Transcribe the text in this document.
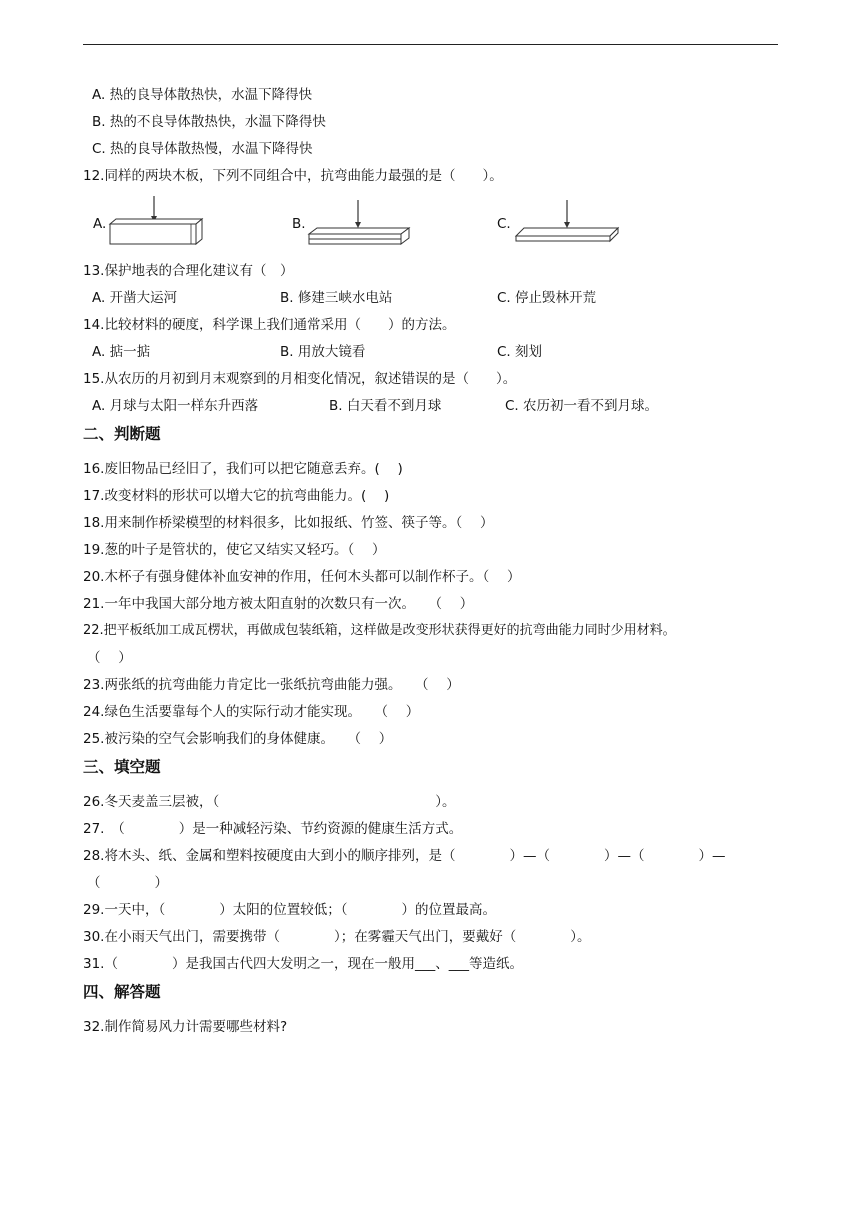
A. 热的良导体散热快，水温下降得快
B. 热的不良导体散热快，水温下降得快
C. 热的良导体散热慢，水温下降得快
12.同样的两块木板，下列不同组合中，抗弯曲能力最强的是（　　）。
A.	B.	C.
13.保护地表的合理化建议有（　）
A. 开凿大运河	B. 修建三峡水电站	C. 停止毁林开荒
14.比较材料的硬度，科学课上我们通常采用（　　）的方法。
A. 掂一掂	B. 用放大镜看	C. 刻划
15.从农历的月初到月末观察到的月相变化情况，叙述错误的是（　　）。
A. 月球与太阳一样东升西落	B. 白天看不到月球	C. 农历初一看不到月球。
二、判断题
16.废旧物品已经旧了，我们可以把它随意丢弃。(　 )
17.改变材料的形状可以增大它的抗弯曲能力。(　 )
18.用来制作桥梁模型的材料很多，比如报纸、竹签、筷子等。（　 ）
19.葱的叶子是管状的，使它又结实又轻巧。（　 ）
20.木杯子有强身健体补血安神的作用，任何木头都可以制作杯子。（　 ）
21.一年中我国大部分地方被太阳直射的次数只有一次。　　（　 ）
22.把平板纸加工成瓦楞状，再做成包装纸箱，这样做是改变形状获得更好的抗弯曲能力同时少用材料。
（　 ）
23.两张纸的抗弯曲能力肯定比一张纸抗弯曲能力强。　　（　 ）
24.绿色生活要靠每个人的实际行动才能实现。　　（　 ）
25.被污染的空气会影响我们的身体健康。　　（　 ）
三、填空题
26.冬天麦盖三层被，（　　　　　　　　　　　　　　　　）。
27.　（　　　　）是一种减轻污染、节约资源的健康生活方式。
28.将木头、纸、金属和塑料按硬度由大到小的顺序排列，是（　　　　）—（　　　　）—（　　　　）—
（　　　　）
29.一天中，（　　　　）太阳的位置较低；（　　　　）的位置最高。
30.在小雨天气出门，需要携带（　　　　）；在雾霾天气出门，要戴好（　　　　）。
31.（　　　　）是我国古代四大发明之一，现在一般用___、___等造纸。
四、解答题
32.制作简易风力计需要哪些材料?
